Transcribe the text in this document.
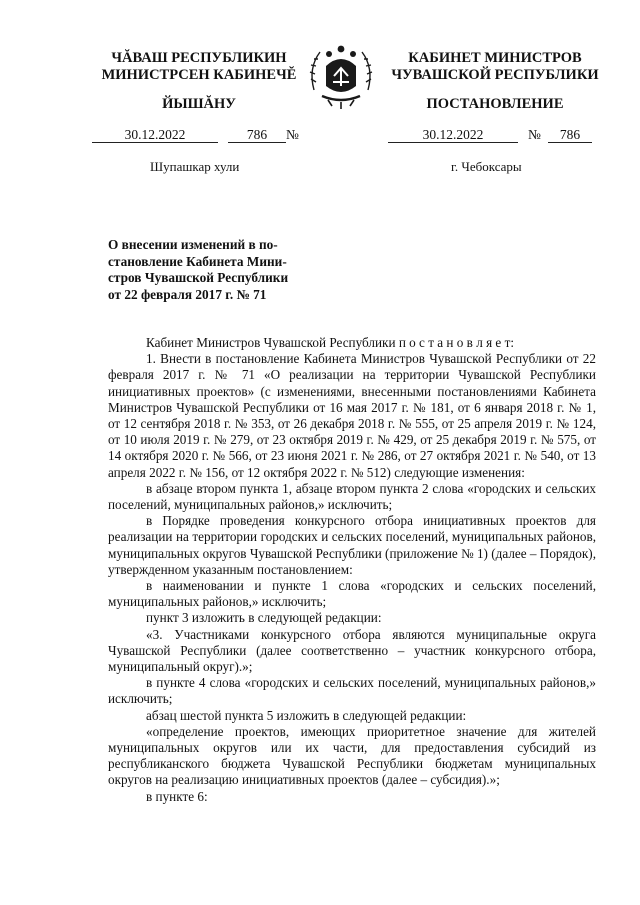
ЧĂВАШ РЕСПУБЛИКИН
МИНИСТРСЕН КАБИНЕЧĔ
ЙЫШĂНУ
КАБИНЕТ МИНИСТРОВ
ЧУВАШСКОЙ РЕСПУБЛИКИ
ПОСТАНОВЛЕНИЕ
30.12.2022	786	№	30.12.2022	№	786
Шупашкар хули	г. Чебоксары
О внесении изменений в по-
становление Кабинета Мини-
стров Чувашской Республики
от 22 февраля 2017 г. № 71

Кабинет Министров Чувашской Республики п о с т а н о в л я е т:

1. Внести в постановление Кабинета Министров Чувашской Республики от 22 февраля 2017 г. № 71 «О реализации на территории Чувашской Республики инициативных проектов» (с изменениями, внесенными постановлениями Кабинета Министров Чувашской Республики от 16 мая 2017 г. № 181, от 6 января 2018 г. № 1, от 12 сентября 2018 г. № 353, от 26 декабря 2018 г. № 555, от 25 апреля 2019 г. № 124, от 10 июля 2019 г. № 279, от 23 октября 2019 г. № 429, от 25 декабря 2019 г. № 575, от 14 октября 2020 г. № 566, от 23 июня 2021 г. № 286, от 27 октября 2021 г. № 540, от 13 апреля 2022 г. № 156, от 12 октября 2022 г. № 512) следующие изменения:

в абзаце втором пункта 1, абзаце втором пункта 2 слова «городских и сельских поселений, муниципальных районов,» исключить;

в Порядке проведения конкурсного отбора инициативных проектов для реализации на территории городских и сельских поселений, муниципальных районов, муниципальных округов Чувашской Республики (приложение № 1) (далее – Порядок), утвержденном указанным постановлением:

в наименовании и пункте 1 слова «городских и сельских поселений, муниципальных районов,» исключить;

пункт 3 изложить в следующей редакции:

«3. Участниками конкурсного отбора являются муниципальные округа Чувашской Республики (далее соответственно – участник конкурсного отбора, муниципальный округ).»;

в пункте 4 слова «городских и сельских поселений, муниципальных районов,» исключить;

абзац шестой пункта 5 изложить в следующей редакции:

«определение проектов, имеющих приоритетное значение для жителей муниципальных округов или их части, для предоставления субсидий из республиканского бюджета Чувашской Республики бюджетам муниципальных округов на реализацию инициативных проектов (далее – субсидия).»;

в пункте 6:
